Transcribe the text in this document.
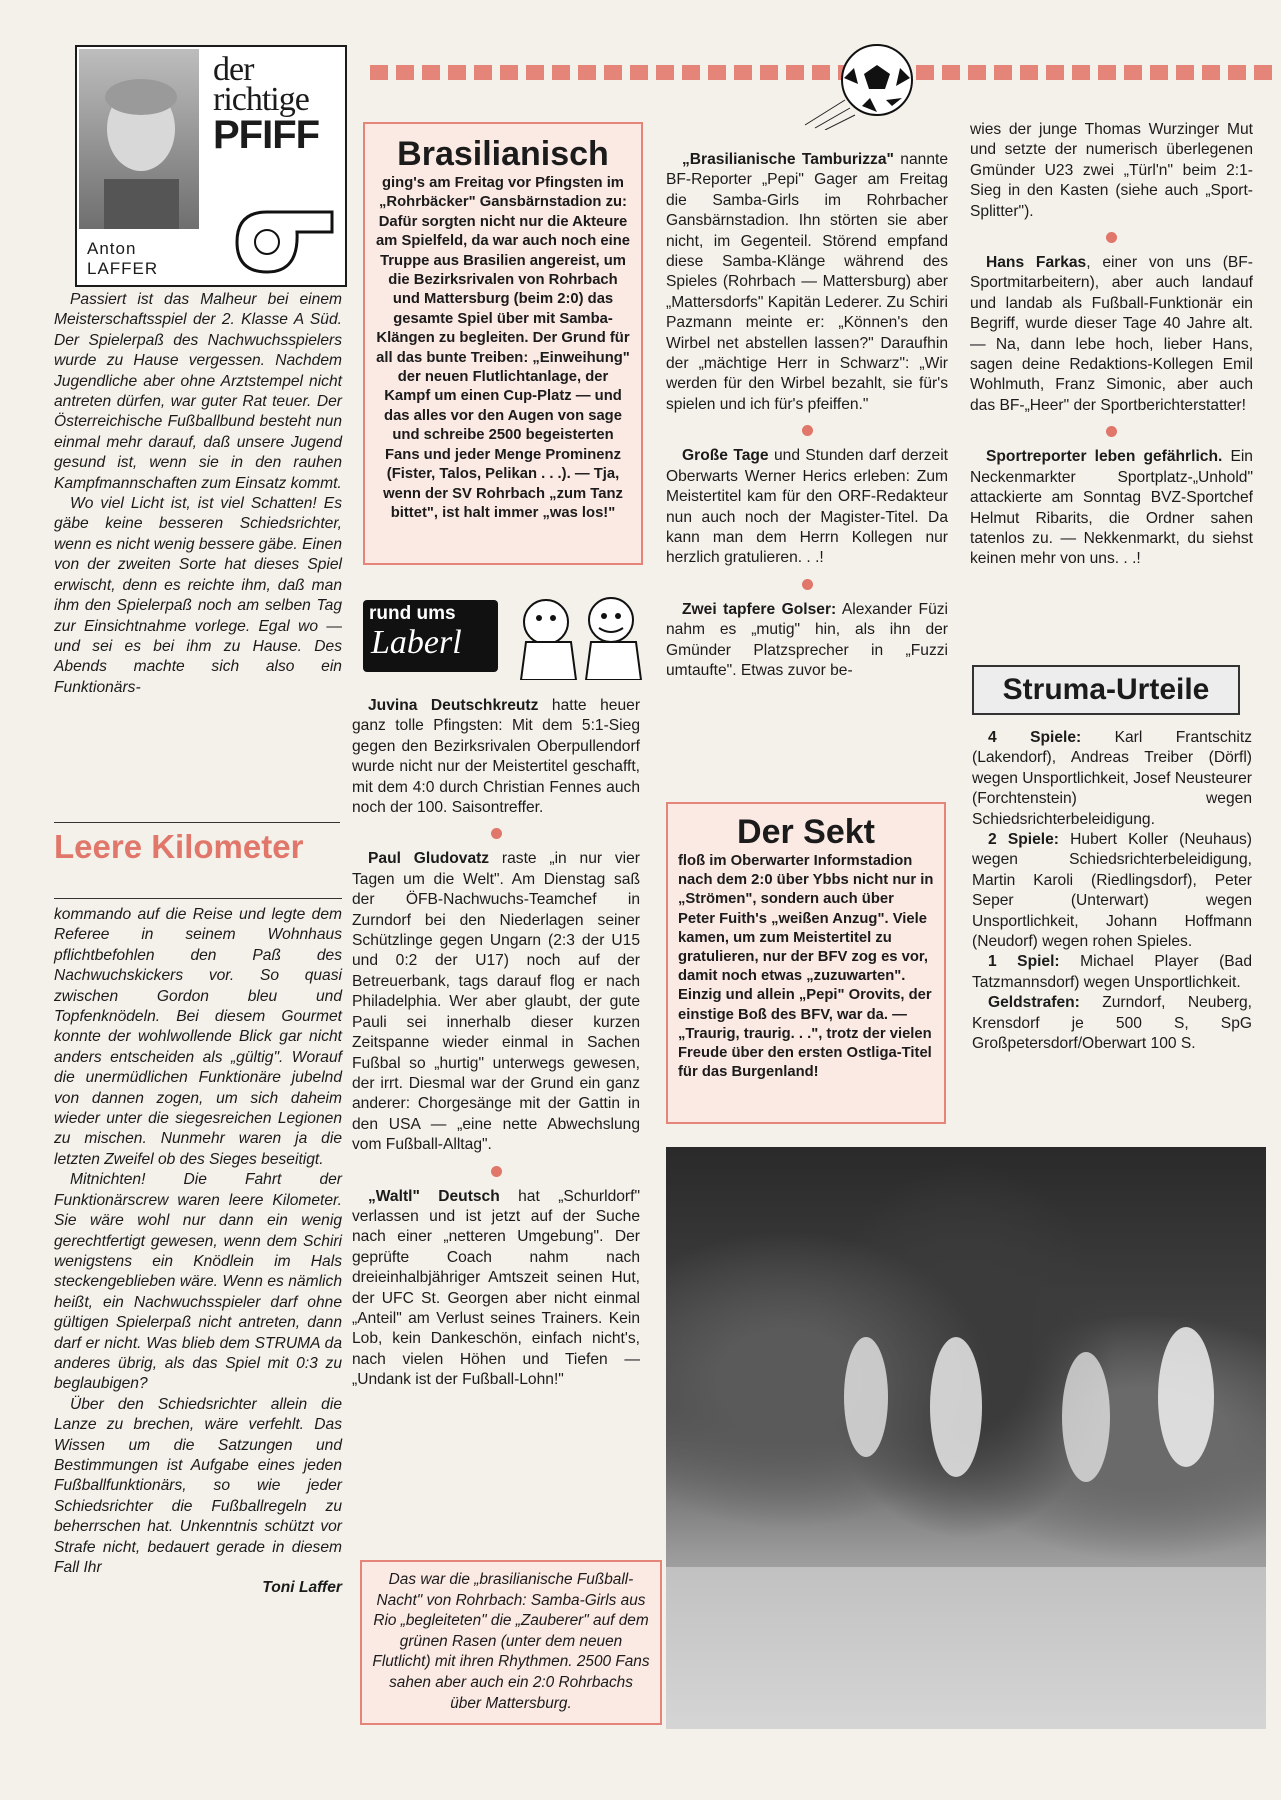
der
richtige
PFIFF
Anton
LAFFER

Passiert ist das Malheur bei einem Meisterschaftsspiel der 2. Klasse A Süd. Der Spielerpaß des Nachwuchsspielers wurde zu Hause vergessen. Nachdem Jugendliche aber ohne Arztstempel nicht antreten dürfen, war guter Rat teuer. Der Österreichische Fußballbund besteht nun einmal mehr darauf, daß unsere Jugend gesund ist, wenn sie in den rauhen Kampfmannschaften zum Einsatz kommt.

Wo viel Licht ist, ist viel Schatten! Es gäbe keine besseren Schiedsrichter, wenn es nicht wenig bessere gäbe. Einen von der zweiten Sorte hat dieses Spiel erwischt, denn es reichte ihm, daß man ihm den Spielerpaß noch am selben Tag zur Einsichtnahme vorlege. Egal wo — und sei es bei ihm zu Hause. Des Abends machte sich also ein Funktionärs-

Leere Kilometer

kommando auf die Reise und legte dem Referee in seinem Wohnhaus pflichtbefohlen den Paß des Nachwuchskickers vor. So quasi zwischen Gordon bleu und Topfenknödeln. Bei diesem Gourmet konnte der wohlwollende Blick gar nicht anders entscheiden als „gültig". Worauf die unermüdlichen Funktionäre jubelnd von dannen zogen, um sich daheim wieder unter die siegesreichen Legionen zu mischen. Nunmehr waren ja die letzten Zweifel ob des Sieges beseitigt.

Mitnichten! Die Fahrt der Funktionärscrew waren leere Kilometer. Sie wäre wohl nur dann ein wenig gerechtfertigt gewesen, wenn dem Schiri wenigstens ein Knödlein im Hals steckengeblieben wäre. Wenn es nämlich heißt, ein Nachwuchsspieler darf ohne gültigen Spielerpaß nicht antreten, dann darf er nicht. Was blieb dem STRUMA da anderes übrig, als das Spiel mit 0:3 zu beglaubigen?

Über den Schiedsrichter allein die Lanze zu brechen, wäre verfehlt. Das Wissen um die Satzungen und Bestimmungen ist Aufgabe eines jeden Fußballfunktionärs, so wie jeder Schiedsrichter die Fußballregeln zu beherrschen hat. Unkenntnis schützt vor Strafe nicht, bedauert gerade in diesem Fall Ihr

Toni Laffer
Brasilianisch
ging's am Freitag vor Pfingsten im „Rohrbäcker" Gansbärnstadion zu: Dafür sorgten nicht nur die Akteure am Spielfeld, da war auch noch eine Truppe aus Brasilien angereist, um die Bezirksrivalen von Rohrbach und Mattersburg (beim 2:0) das gesamte Spiel über mit Samba-Klängen zu begleiten. Der Grund für all das bunte Treiben: „Einweihung" der neuen Flutlichtanlage, der Kampf um einen Cup-Platz — und das alles vor den Augen von sage und schreibe 2500 begeisterten Fans und jeder Menge Prominenz (Fister, Talos, Pelikan . . .). — Tja, wenn der SV Rohrbach „zum Tanz bittet", ist halt immer „was los!"
rund ums
Laberl

Juvina Deutschkreutz hatte heuer ganz tolle Pfingsten: Mit dem 5:1-Sieg gegen den Bezirksrivalen Oberpullendorf wurde nicht nur der Meistertitel geschafft, mit dem 4:0 durch Christian Fennes auch noch der 100. Saisontreffer.

Paul Gludovatz raste „in nur vier Tagen um die Welt". Am Dienstag saß der ÖFB-Nachwuchs-Teamchef in Zurndorf bei den Niederlagen seiner Schützlinge gegen Ungarn (2:3 der U15 und 0:2 der U17) noch auf der Betreuerbank, tags darauf flog er nach Philadelphia. Wer aber glaubt, der gute Pauli sei innerhalb dieser kurzen Zeitspanne wieder einmal in Sachen Fußbal so „hurtig" unterwegs gewesen, der irrt. Diesmal war der Grund ein ganz anderer: Chorgesänge mit der Gattin in den USA — „eine nette Abwechslung vom Fußball-Alltag".

„Waltl" Deutsch hat „Schurldorf" verlassen und ist jetzt auf der Suche nach einer „netteren Umgebung". Der geprüfte Coach nahm nach dreieinhalbjähriger Amtszeit seinen Hut, der UFC St. Georgen aber nicht einmal „Anteil" am Verlust seines Trainers. Kein Lob, kein Dankeschön, einfach nicht's, nach vielen Höhen und Tiefen — „Undank ist der Fußball-Lohn!"

„Brasilianische Tamburizza" nannte BF-Reporter „Pepi" Gager am Freitag die Samba-Girls im Rohrbacher Gansbärnstadion. Ihn störten sie aber nicht, im Gegenteil. Störend empfand diese Samba-Klänge während des Spieles (Rohrbach — Mattersburg) aber „Mattersdorfs" Kapitän Lederer. Zu Schiri Pazmann meinte er: „Können's den Wirbel net abstellen lassen?" Daraufhin der „mächtige Herr in Schwarz": „Wir werden für den Wirbel bezahlt, sie für's spielen und ich für's pfeiffen."

Große Tage und Stunden darf derzeit Oberwarts Werner Herics erleben: Zum Meistertitel kam für den ORF-Redakteur nun auch noch der Magister-Titel. Da kann man dem Herrn Kollegen nur herzlich gratulieren. . .!

Zwei tapfere Golser: Alexander Füzi nahm es „mutig" hin, als ihn der Gmünder Platzsprecher in „Fuzzi umtaufte". Etwas zuvor be-

Der Sekt
floß im Oberwarter Informstadion nach dem 2:0 über Ybbs nicht nur in „Strömen", sondern auch über Peter Fuith's „weißen Anzug". Viele kamen, um zum Meistertitel zu gratulieren, nur der BFV zog es vor, damit noch etwas „zuzuwarten". Einzig und allein „Pepi" Orovits, der einstige Boß des BFV, war da. — „Traurig, traurig. . .", trotz der vielen Freude über den ersten Ostliga-Titel für das Burgenland!

wies der junge Thomas Wurzinger Mut und setzte der numerisch überlegenen Gmünder U23 zwei „Türl'n" beim 2:1-Sieg in den Kasten (siehe auch „Sport-Splitter").

Hans Farkas, einer von uns (BF-Sportmitarbeitern), aber auch landauf und landab als Fußball-Funktionär ein Begriff, wurde dieser Tage 40 Jahre alt. — Na, dann lebe hoch, lieber Hans, sagen deine Redaktions-Kollegen Emil Wohlmuth, Franz Simonic, aber auch das BF-„Heer" der Sportberichterstatter!

Sportreporter leben gefährlich. Ein Neckenmarkter Sportplatz-„Unhold" attackierte am Sonntag BVZ-Sportchef Helmut Ribarits, die Ordner sahen tatenlos zu. — Nekkenmarkt, du siehst keinen mehr von uns. . .!

Struma-Urteile

4 Spiele: Karl Frantschitz (Lakendorf), Andreas Treiber (Dörfl) wegen Unsportlichkeit, Josef Neusteurer (Forchtenstein) wegen Schiedsrichterbeleidigung.

2 Spiele: Hubert Koller (Neuhaus) wegen Schiedsrichterbeleidigung, Martin Karoli (Riedlingsdorf), Peter Seper (Unterwart) wegen Unsportlichkeit, Johann Hoffmann (Neudorf) wegen rohen Spieles.

1 Spiel: Michael Player (Bad Tatzmannsdorf) wegen Unsportlichkeit.

Geldstrafen: Zurndorf, Neuberg, Krensdorf je 500 S, SpG Großpetersdorf/Oberwart 100 S.

Das war die „brasilianische Fußball-Nacht" von Rohrbach: Samba-Girls aus Rio „begleiteten" die „Zauberer" auf dem grünen Rasen (unter dem neuen Flutlicht) mit ihren Rhythmen. 2500 Fans sahen aber auch ein 2:0 Rohrbachs über Mattersburg.
